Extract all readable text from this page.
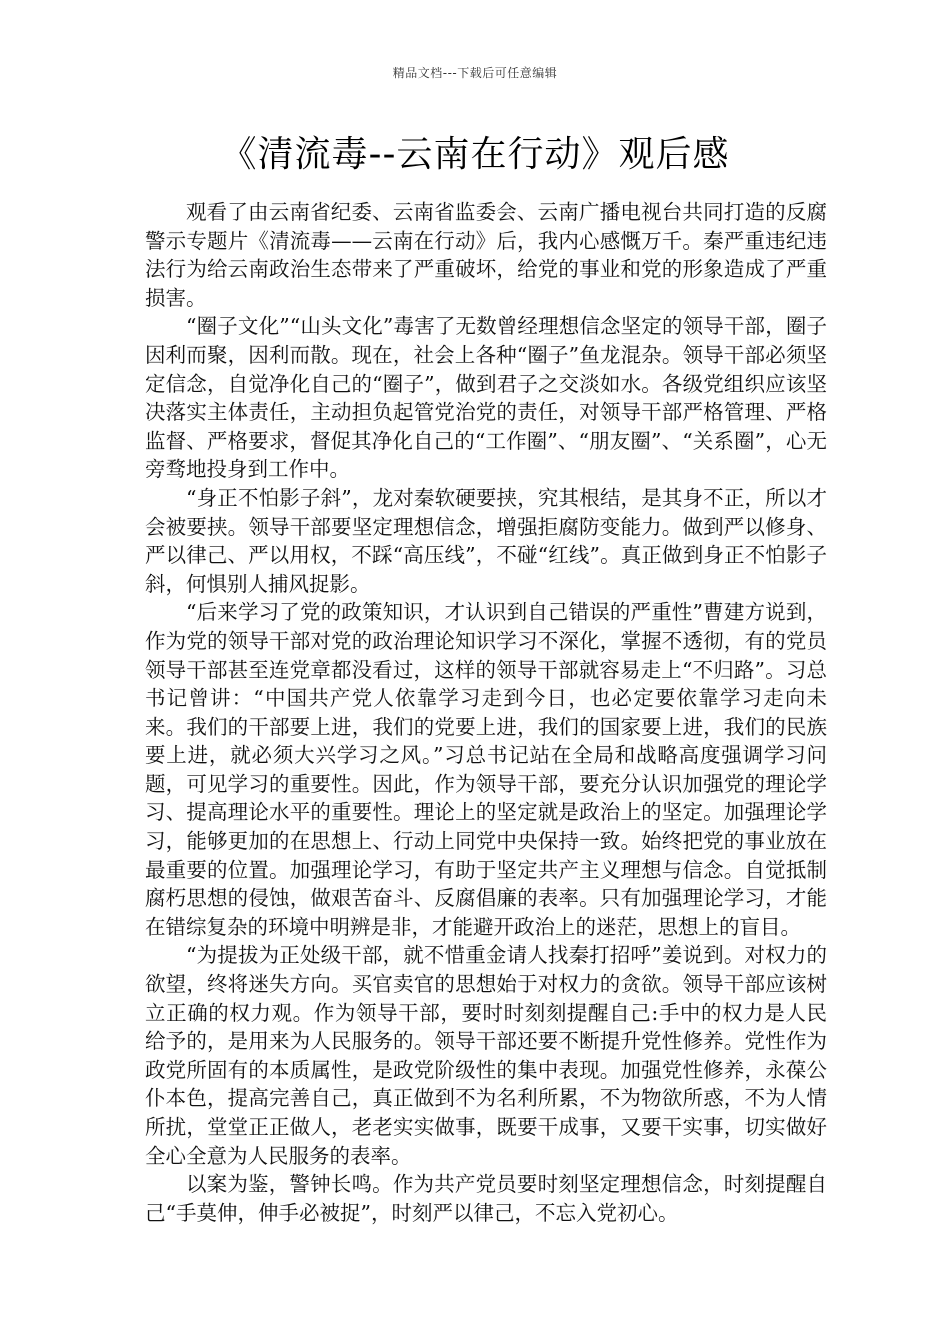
精品文档---下载后可任意编辑
《清流毒--云南在行动》观后感

观看了由云南省纪委、云南省监委会、云南广播电视台共同打造的反腐警示专题片《清流毒——云南在行动》后，我内心感慨万千。秦严重违纪违法行为给云南政治生态带来了严重破坏，给党的事业和党的形象造成了严重损害。

“圈子文化”“山头文化”毒害了无数曾经理想信念坚定的领导干部，圈子因利而聚，因利而散。现在，社会上各种“圈子”鱼龙混杂。领导干部必须坚定信念，自觉净化自己的“圈子”，做到君子之交淡如水。各级党组织应该坚决落实主体责任，主动担负起管党治党的责任，对领导干部严格管理、严格监督、严格要求，督促其净化自己的“工作圈”、“朋友圈”、“关系圈”，心无旁骛地投身到工作中。

“身正不怕影子斜”，龙对秦软硬要挟，究其根结，是其身不正，所以才会被要挟。领导干部要坚定理想信念，增强拒腐防变能力。做到严以修身、严以律己、严以用权，不踩“高压线”，不碰“红线”。真正做到身正不怕影子斜，何惧别人捕风捉影。

“后来学习了党的政策知识，才认识到自己错误的严重性”曹建方说到，作为党的领导干部对党的政治理论知识学习不深化，掌握不透彻，有的党员领导干部甚至连党章都没看过，这样的领导干部就容易走上“不归路”。习总书记曾讲：“中国共产党人依靠学习走到今日，也必定要依靠学习走向未来。我们的干部要上进，我们的党要上进，我们的国家要上进，我们的民族要上进，就必须大兴学习之风。”习总书记站在全局和战略高度强调学习问题，可见学习的重要性。因此，作为领导干部，要充分认识加强党的理论学习、提高理论水平的重要性。理论上的坚定就是政治上的坚定。加强理论学习，能够更加的在思想上、行动上同党中央保持一致。始终把党的事业放在最重要的位置。加强理论学习，有助于坚定共产主义理想与信念。自觉抵制腐朽思想的侵蚀，做艰苦奋斗、反腐倡廉的表率。只有加强理论学习，才能在错综复杂的环境中明辨是非，才能避开政治上的迷茫，思想上的盲目。

“为提拔为正处级干部，就不惜重金请人找秦打招呼”姜说到。对权力的欲望，终将迷失方向。买官卖官的思想始于对权力的贪欲。领导干部应该树立正确的权力观。作为领导干部，要时时刻刻提醒自己:手中的权力是人民给予的，是用来为人民服务的。领导干部还要不断提升党性修养。党性作为政党所固有的本质属性，是政党阶级性的集中表现。加强党性修养，永葆公仆本色，提高完善自己，真正做到不为名利所累，不为物欲所惑，不为人情所扰，堂堂正正做人，老老实实做事，既要干成事，又要干实事，切实做好全心全意为人民服务的表率。

以案为鉴，警钟长鸣。作为共产党员要时刻坚定理想信念，时刻提醒自己“手莫伸，伸手必被捉”，时刻严以律己，不忘入党初心。
